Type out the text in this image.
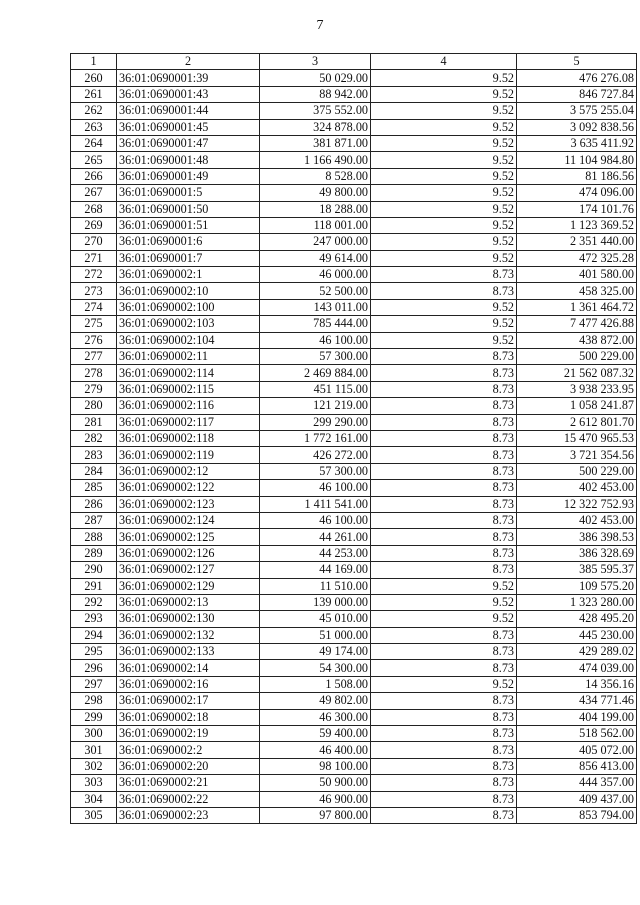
7
1	2	3	4	5
260	36:01:0690001:39	50 029.00	9.52	476 276.08
261	36:01:0690001:43	88 942.00	9.52	846 727.84
262	36:01:0690001:44	375 552.00	9.52	3 575 255.04
263	36:01:0690001:45	324 878.00	9.52	3 092 838.56
264	36:01:0690001:47	381 871.00	9.52	3 635 411.92
265	36:01:0690001:48	1 166 490.00	9.52	11 104 984.80
266	36:01:0690001:49	8 528.00	9.52	81 186.56
267	36:01:0690001:5	49 800.00	9.52	474 096.00
268	36:01:0690001:50	18 288.00	9.52	174 101.76
269	36:01:0690001:51	118 001.00	9.52	1 123 369.52
270	36:01:0690001:6	247 000.00	9.52	2 351 440.00
271	36:01:0690001:7	49 614.00	9.52	472 325.28
272	36:01:0690002:1	46 000.00	8.73	401 580.00
273	36:01:0690002:10	52 500.00	8.73	458 325.00
274	36:01:0690002:100	143 011.00	9.52	1 361 464.72
275	36:01:0690002:103	785 444.00	9.52	7 477 426.88
276	36:01:0690002:104	46 100.00	9.52	438 872.00
277	36:01:0690002:11	57 300.00	8.73	500 229.00
278	36:01:0690002:114	2 469 884.00	8.73	21 562 087.32
279	36:01:0690002:115	451 115.00	8.73	3 938 233.95
280	36:01:0690002:116	121 219.00	8.73	1 058 241.87
281	36:01:0690002:117	299 290.00	8.73	2 612 801.70
282	36:01:0690002:118	1 772 161.00	8.73	15 470 965.53
283	36:01:0690002:119	426 272.00	8.73	3 721 354.56
284	36:01:0690002:12	57 300.00	8.73	500 229.00
285	36:01:0690002:122	46 100.00	8.73	402 453.00
286	36:01:0690002:123	1 411 541.00	8.73	12 322 752.93
287	36:01:0690002:124	46 100.00	8.73	402 453.00
288	36:01:0690002:125	44 261.00	8.73	386 398.53
289	36:01:0690002:126	44 253.00	8.73	386 328.69
290	36:01:0690002:127	44 169.00	8.73	385 595.37
291	36:01:0690002:129	11 510.00	9.52	109 575.20
292	36:01:0690002:13	139 000.00	9.52	1 323 280.00
293	36:01:0690002:130	45 010.00	9.52	428 495.20
294	36:01:0690002:132	51 000.00	8.73	445 230.00
295	36:01:0690002:133	49 174.00	8.73	429 289.02
296	36:01:0690002:14	54 300.00	8.73	474 039.00
297	36:01:0690002:16	1 508.00	9.52	14 356.16
298	36:01:0690002:17	49 802.00	8.73	434 771.46
299	36:01:0690002:18	46 300.00	8.73	404 199.00
300	36:01:0690002:19	59 400.00	8.73	518 562.00
301	36:01:0690002:2	46 400.00	8.73	405 072.00
302	36:01:0690002:20	98 100.00	8.73	856 413.00
303	36:01:0690002:21	50 900.00	8.73	444 357.00
304	36:01:0690002:22	46 900.00	8.73	409 437.00
305	36:01:0690002:23	97 800.00	8.73	853 794.00
